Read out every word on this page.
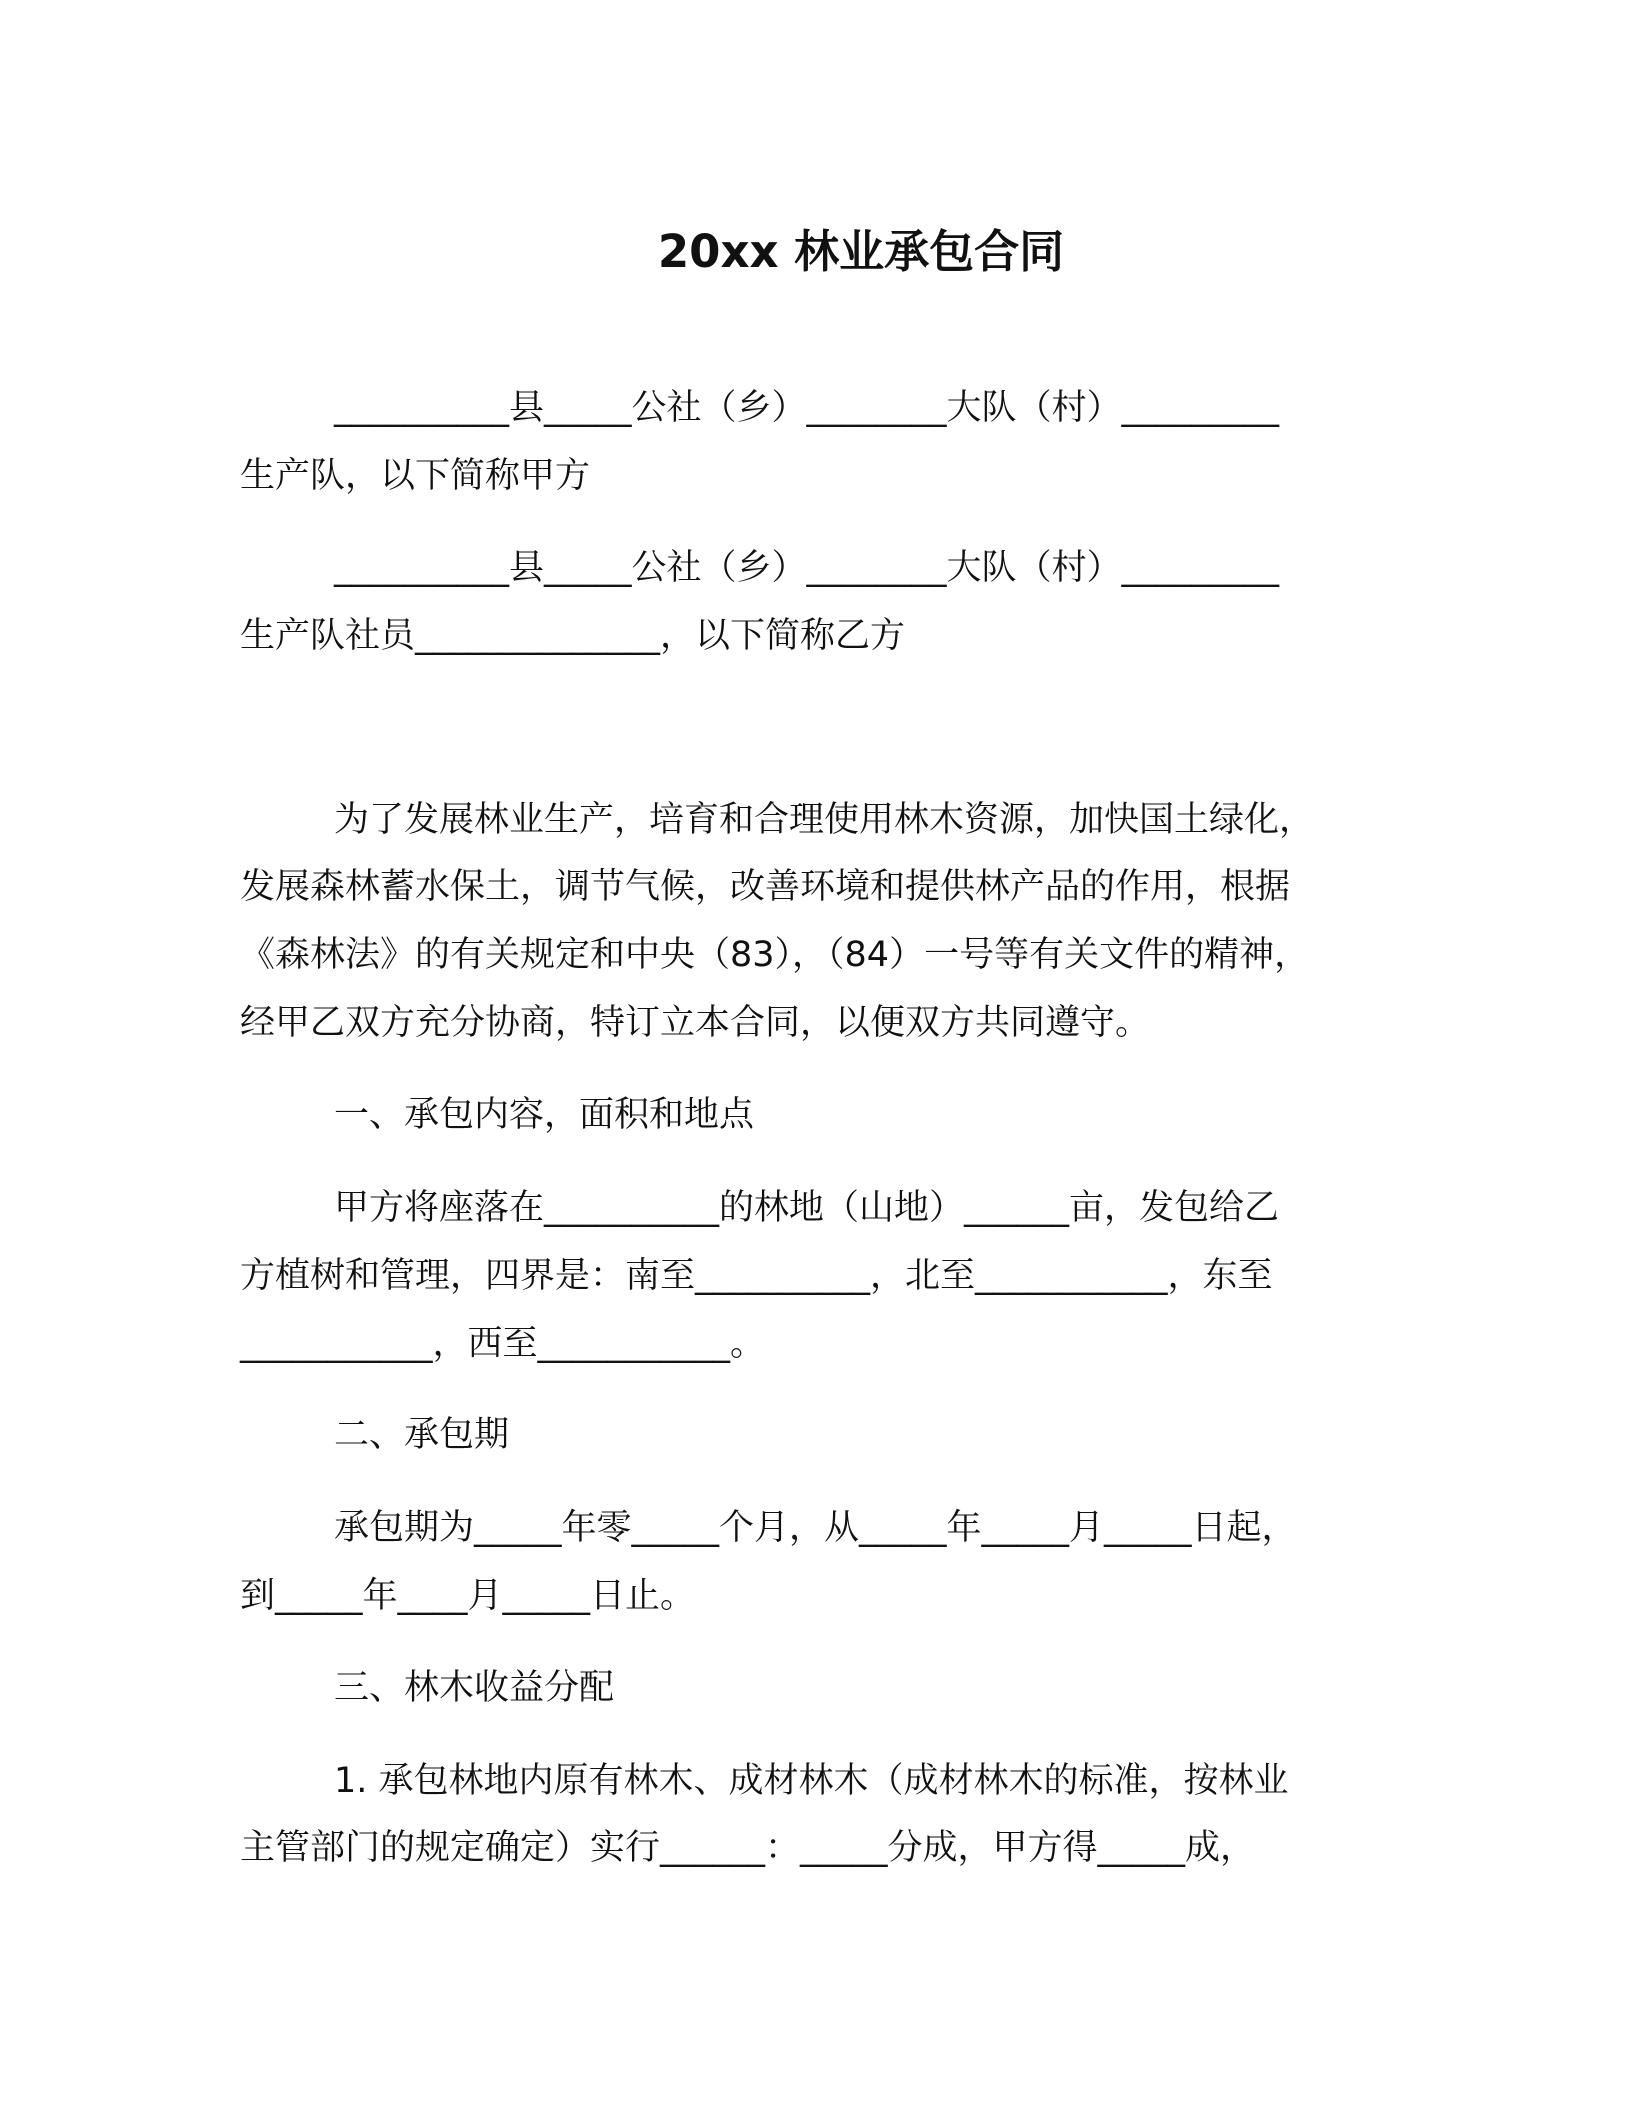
20xx 林业承包合同
__________县_____公社（乡）________大队（村）_________
生产队，以下简称甲方
__________县_____公社（乡）________大队（村）_________
生产队社员______________，以下简称乙方
为了发展林业生产，培育和合理使用林木资源，加快国土绿化，
发展森林蓄水保土，调节气候，改善环境和提供林产品的作用，根据
《森林法》的有关规定和中央（83），（84）一号等有关文件的精神，
经甲乙双方充分协商，特订立本合同，以便双方共同遵守。
一、承包内容，面积和地点
甲方将座落在__________的林地（山地）______亩，发包给乙
方植树和管理，四界是：南至__________，北至___________，东至
___________，西至___________。
二、承包期
承包期为_____年零_____个月，从_____年_____月_____日起，
到_____年____月_____日止。
三、林木收益分配
1. 承包林地内原有林木、成材林木（成材林木的标准，按林业
主管部门的规定确定）实行______：_____分成，甲方得_____成，
